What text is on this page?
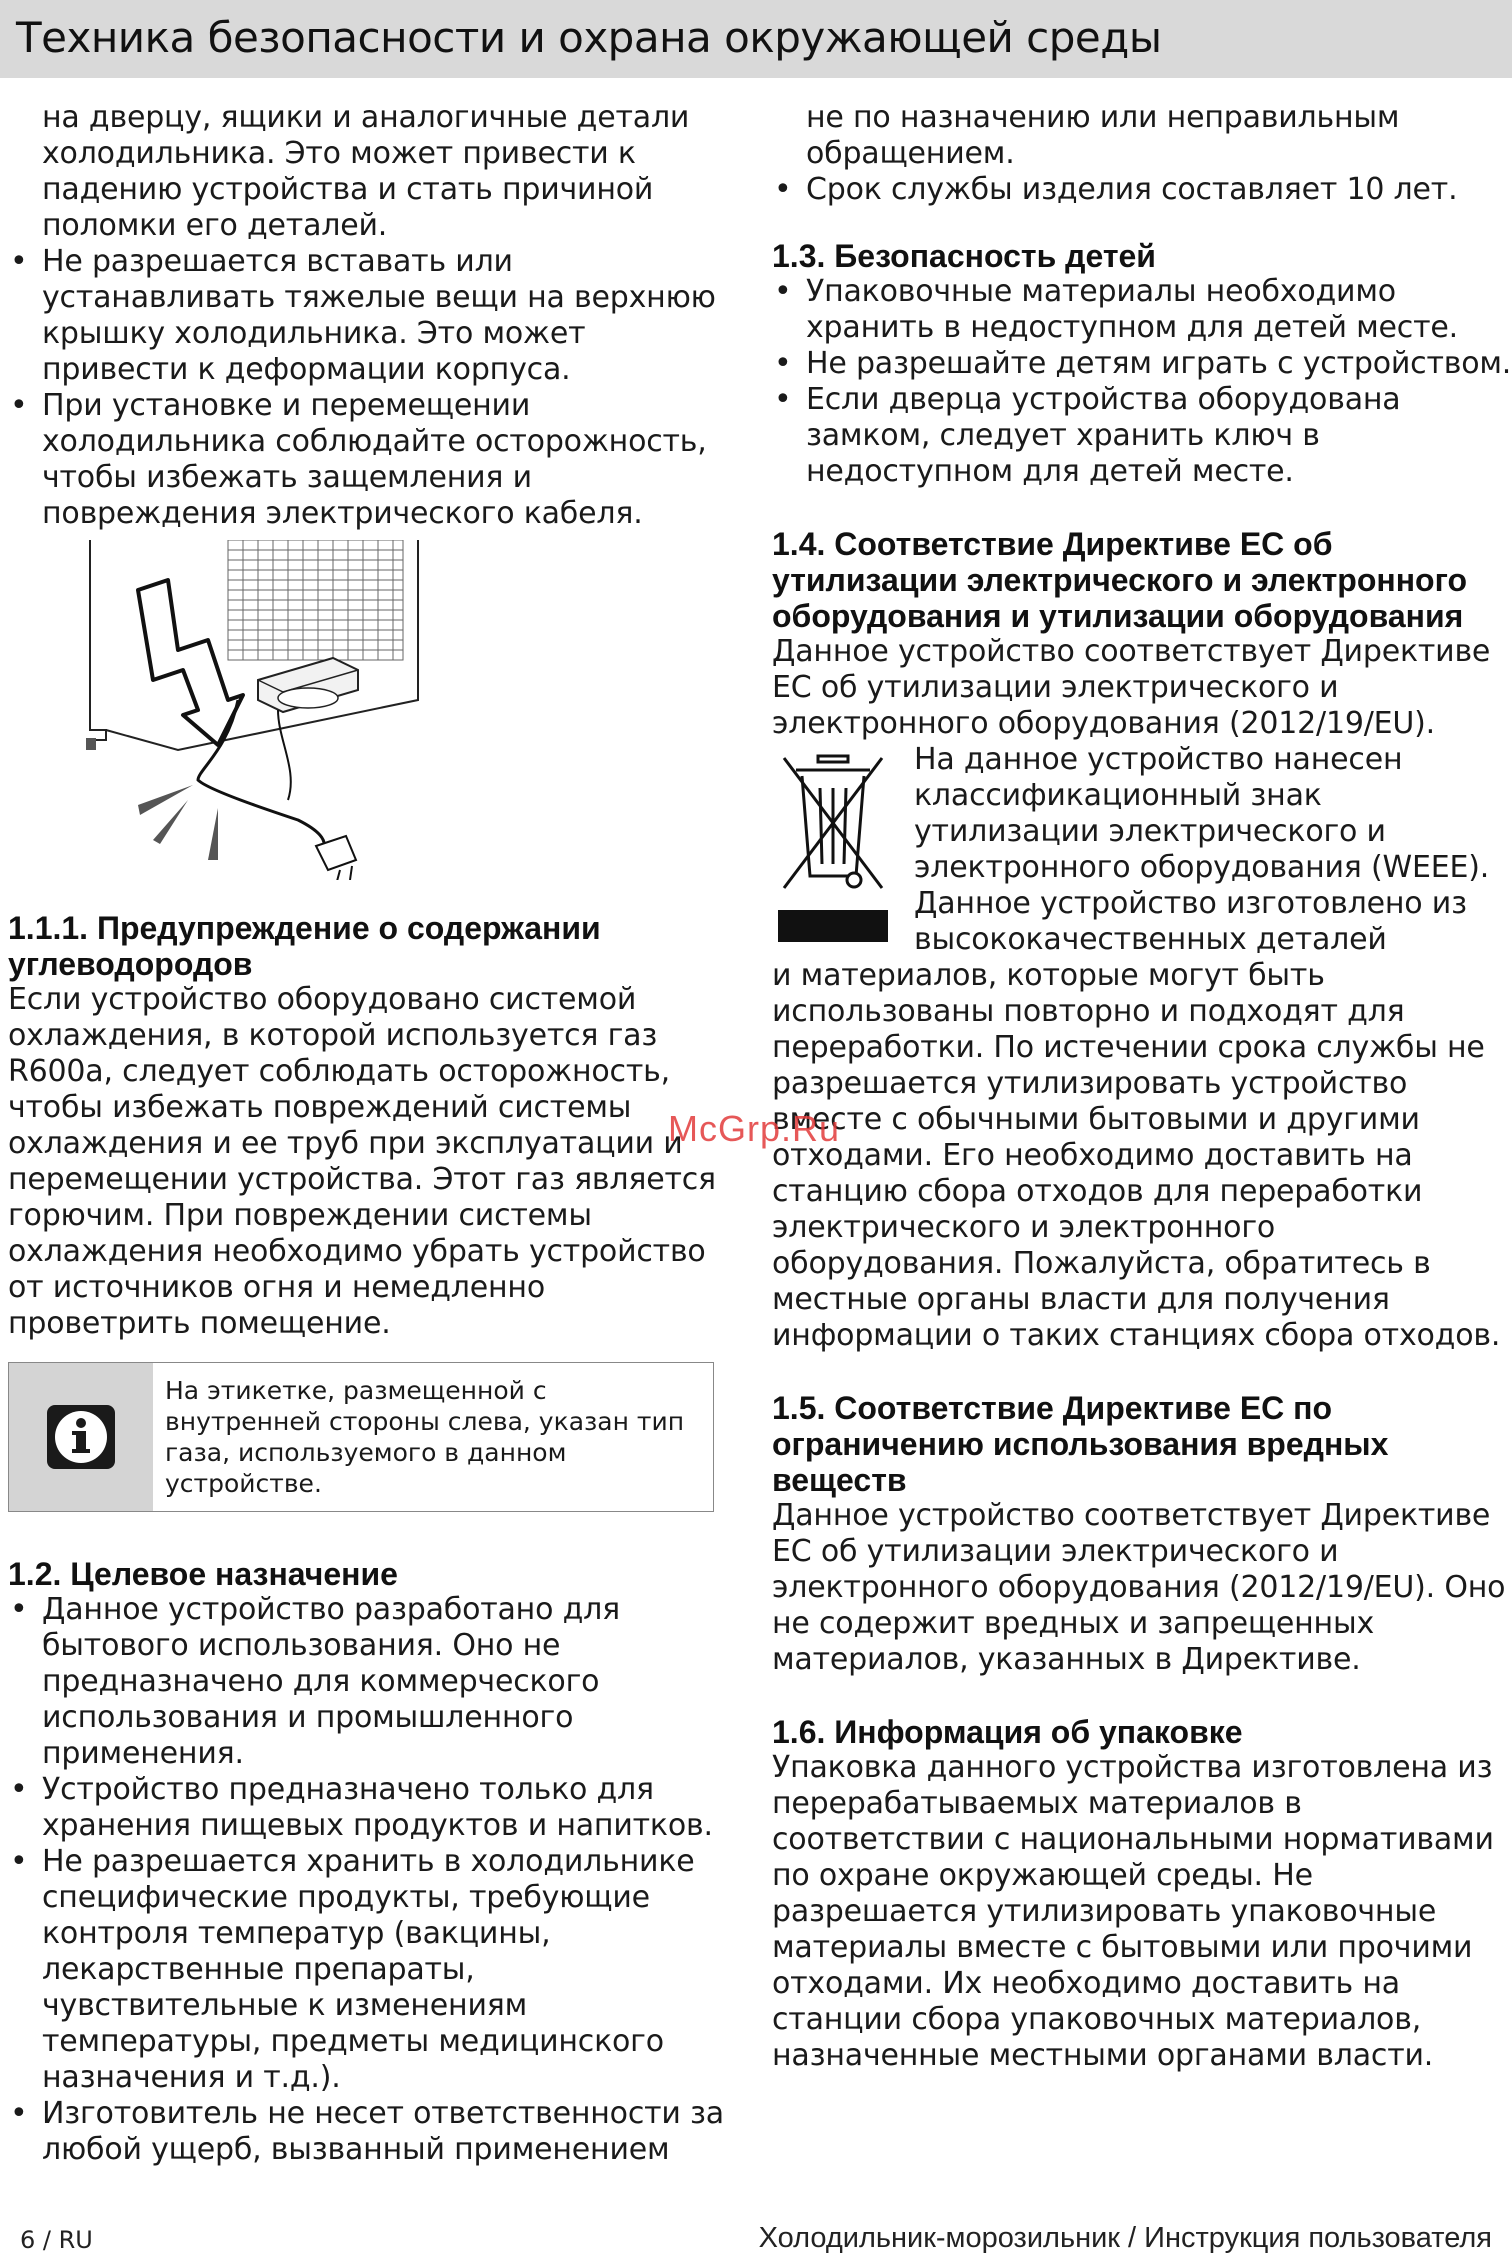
Техника безопасности и охрана окружающей среды

на дверцу, ящики и аналогичные детали холодильника. Это может привести к падению устройства и стать причиной поломки его деталей.

• Не разрешается вставать или устанавливать тяжелые вещи на верхнюю крышку холодильника. Это может привести к деформации корпуса.
• При установке и перемещении холодильника соблюдайте осторожность, чтобы избежать защемления и повреждения электрического кабеля.
1.1.1. Предупреждение о содержании углеводородов

Если устройство оборудовано системой охлаждения, в которой используется газ R600a, следует соблюдать осторожность, чтобы избежать повреждений системы охлаждения и ее труб при эксплуатации и перемещении устройства. Этот газ является горючим. При повреждении системы охлаждения необходимо убрать устройство от источников огня и немедленно проветрить помещение.

На этикетке, размещенной с внутренней стороны слева, указан тип газа, используемого в данном устройстве.

1.2. Целевое назначение
• Данное устройство разработано для бытового использования. Оно не предназначено для коммерческого использования и промышленного применения.
• Устройство предназначено только для хранения пищевых продуктов и напитков.
• Не разрешается хранить в холодильнике специфические продукты, требующие контроля температур (вакцины, лекарственные препараты, чувствительные к изменениям температуры, предметы медицинского назначения и т.д.).
• Изготовитель не несет ответственности за любой ущерб, вызванный применением

не по назначению или неправильным обращением.

• Срок службы изделия составляет 10 лет.
1.3. Безопасность детей
• Упаковочные материалы необходимо хранить в недоступном для детей месте.
• Не разрешайте детям играть с устройством.
• Если дверца устройства оборудована замком, следует хранить ключ в недоступном для детей месте.
1.4. Соответствие Директиве ЕС об утилизации электрического и электронного оборудования и утилизации оборудования

Данное устройство соответствует Директиве ЕС об утилизации электрического и электронного оборудования (2012/19/EU).

На данное устройство нанесен классификационный знак утилизации электрического и электронного оборудования (WEEE). Данное устройство изготовлено из высококачественных деталей

и материалов, которые могут быть использованы повторно и подходят для переработки. По истечении срока службы не разрешается утилизировать устройство вместе с обычными бытовыми и другими отходами. Его необходимо доставить на станцию сбора отходов для переработки электрического и электронного оборудования. Пожалуйста, обратитесь в местные органы власти для получения информации о таких станциях сбора отходов.

1.5. Соответствие Директиве ЕС по ограничению использования вредных веществ

Данное устройство соответствует Директиве ЕС об утилизации электрического и электронного оборудования (2012/19/EU). Оно не содержит вредных и запрещенных материалов, указанных в Директиве.

1.6. Информация об упаковке

Упаковка данного устройства изготовлена из перерабатываемых материалов в соответствии с национальными нормативами по охране окружающей среды. Не разрешается утилизировать упаковочные материалы вместе с бытовыми или прочими отходами. Их необходимо доставить на станции сбора упаковочных материалов, назначенные местными органами власти.

McGrp.Ru
6 / RU	Холодильник-морозильник / Инструкция пользователя
